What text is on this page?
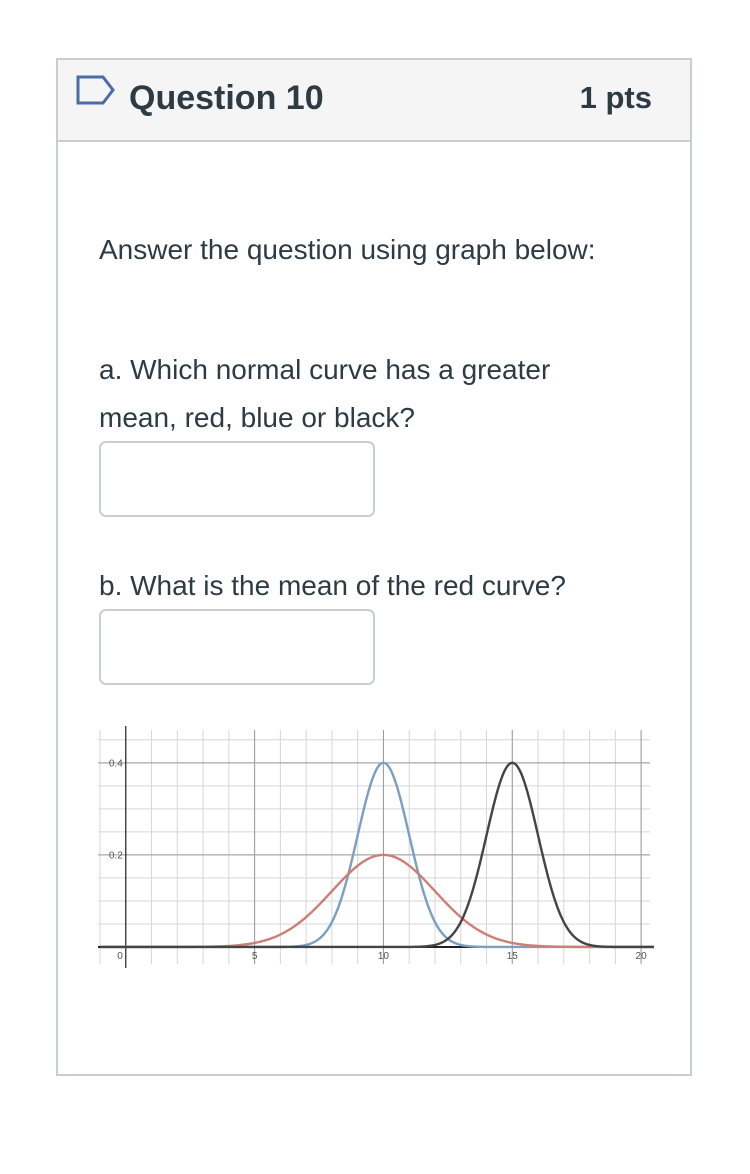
Question 10	1 pts

Answer the question using graph below:

a. Which normal curve has a greater mean, red, blue or black?

b. What is the mean of the red curve?

0.2
0.4
0	5	10	15	20
